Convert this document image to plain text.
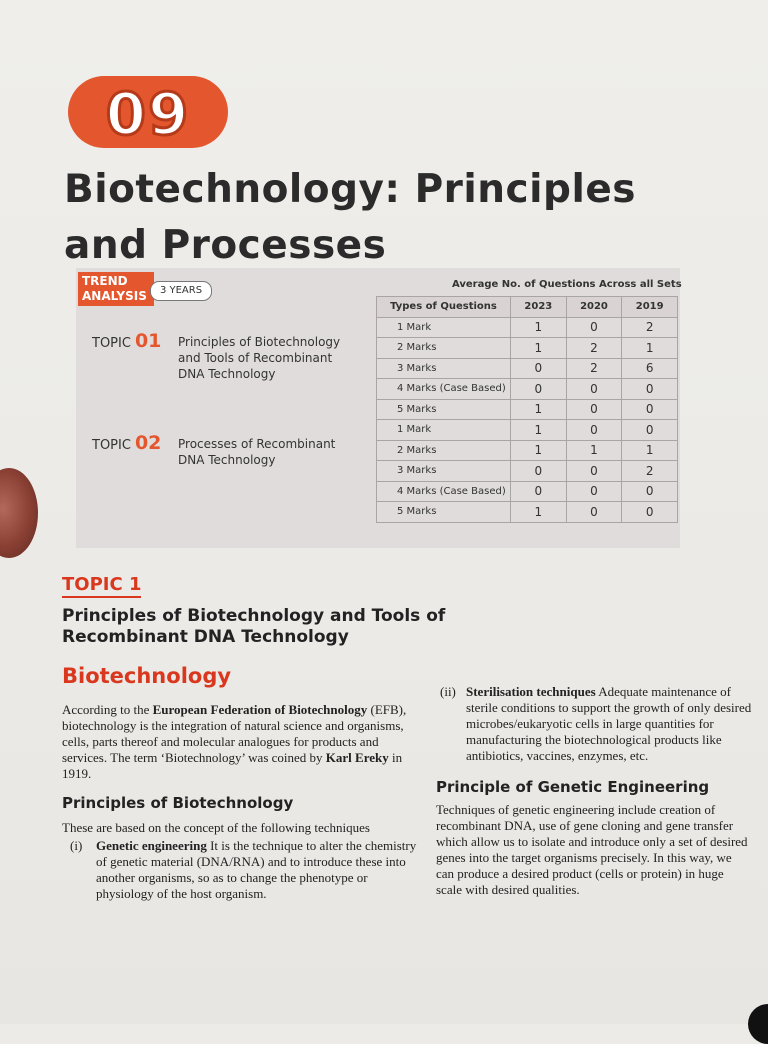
09
Biotechnology: Principles and Processes
TREND
ANALYSIS	3 YEARS
Average No. of Questions Across all Sets
TOPIC 01 Principles of Biotechnology and Tools of Recombinant DNA Technology
TOPIC 02 Processes of Recombinant DNA Technology
Types of Questions	2023	2020	2019
1 Mark	1	0	2
2 Marks	1	2	1
3 Marks	0	2	6
4 Marks (Case Based)	0	0	0
5 Marks	1	0	0
1 Mark	1	0	0
2 Marks	1	1	1
3 Marks	0	0	2
4 Marks (Case Based)	0	0	0
5 Marks	1	0	0
TOPIC 1
Principles of Biotechnology and Tools of Recombinant DNA Technology
Biotechnology
According to the European Federation of Biotechnology (EFB), biotechnology is the integration of natural science and organisms, cells, parts thereof and molecular analogues for products and services. The term ‘Biotechnology’ was coined by Karl Ereky in 1919.
Principles of Biotechnology
These are based on the concept of the following techniques
(i) Genetic engineering It is the technique to alter the chemistry of genetic material (DNA/RNA) and to introduce these into another organisms, so as to change the phenotype or physiology of the host organism.
(ii) Sterilisation techniques Adequate maintenance of sterile conditions to support the growth of only desired microbes/eukaryotic cells in large quantities for manufacturing the biotechnological products like antibiotics, vaccines, enzymes, etc.
Principle of Genetic Engineering
Techniques of genetic engineering include creation of recombinant DNA, use of gene cloning and gene transfer which allow us to isolate and introduce only a set of desired genes into the target organisms precisely. In this way, we can produce a desired product (cells or protein) in huge scale with desired qualities.
